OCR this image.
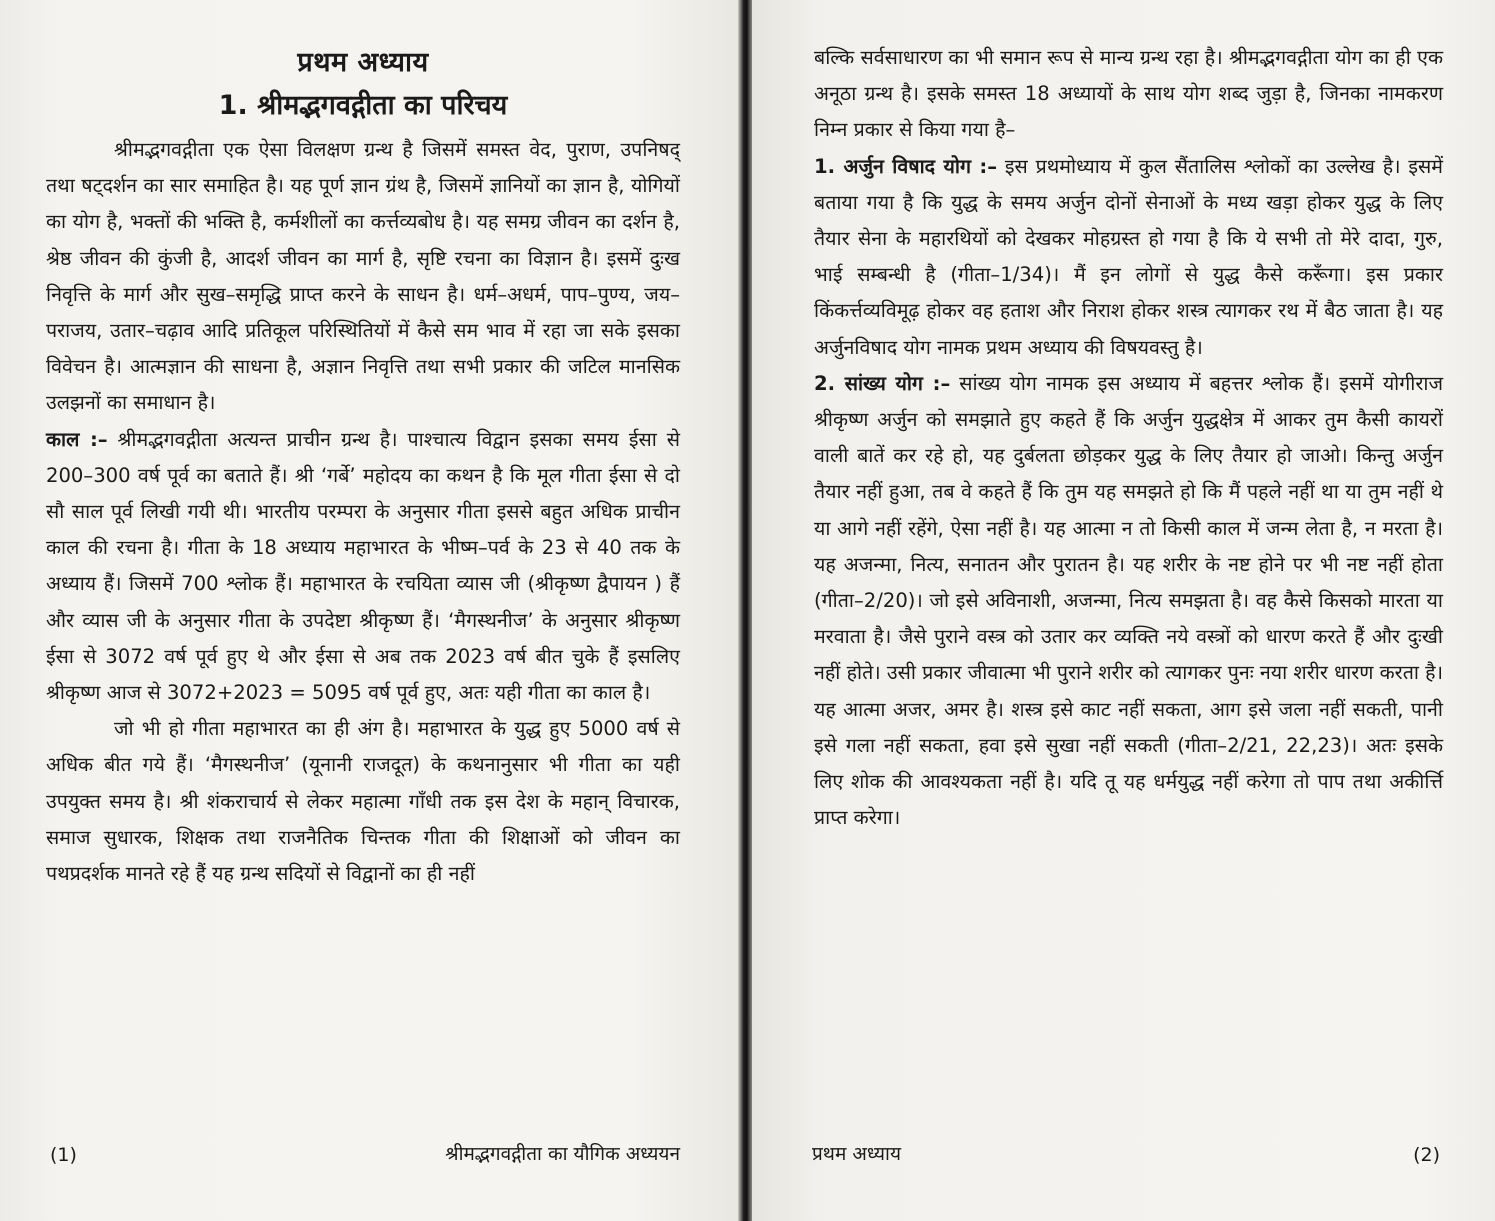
प्रथम अध्याय
1. श्रीमद्भगवद्गीता का परिचय

श्रीमद्भगवद्गीता एक ऐसा विलक्षण ग्रन्थ है जिसमें समस्त वेद, पुराण, उपनिषद् तथा षट्दर्शन का सार समाहित है। यह पूर्ण ज्ञान ग्रंथ है, जिसमें ज्ञानियों का ज्ञान है, योगियों का योग है, भक्तों की भक्ति है, कर्मशीलों का कर्त्तव्यबोध है। यह समग्र जीवन का दर्शन है, श्रेष्ठ जीवन की कुंजी है, आदर्श जीवन का मार्ग है, सृष्टि रचना का विज्ञान है। इसमें दुःख निवृत्ति के मार्ग और सुख–समृद्धि प्राप्त करने के साधन है। धर्म–अधर्म, पाप–पुण्य, जय–पराजय, उतार–चढ़ाव आदि प्रतिकूल परिस्थितियों में कैसे सम भाव में रहा जा सके इसका विवेचन है। आत्मज्ञान की साधना है, अज्ञान निवृत्ति तथा सभी प्रकार की जटिल मानसिक उलझनों का समाधान है।

काल :– श्रीमद्भगवद्गीता अत्यन्त प्राचीन ग्रन्थ है। पाश्चात्य विद्वान इसका समय ईसा से 200–300 वर्ष पूर्व का बताते हैं। श्री ‘गर्बे’ महोदय का कथन है कि मूल गीता ईसा से दो सौ साल पूर्व लिखी गयी थी। भारतीय परम्परा के अनुसार गीता इससे बहुत अधिक प्राचीन काल की रचना है। गीता के 18 अध्याय महाभारत के भीष्म–पर्व के 23 से 40 तक के अध्याय हैं। जिसमें 700 श्लोक हैं। महाभारत के रचयिता व्यास जी (श्रीकृष्ण द्वैपायन ) हैं और व्यास जी के अनुसार गीता के उपदेष्टा श्रीकृष्ण हैं। ‘मैगस्थनीज’ के अनुसार श्रीकृष्ण ईसा से 3072 वर्ष पूर्व हुए थे और ईसा से अब तक 2023 वर्ष बीत चुके हैं इसलिए श्रीकृष्ण आज से 3072+2023 = 5095 वर्ष पूर्व हुए, अतः यही गीता का काल है।

जो भी हो गीता महाभारत का ही अंग है। महाभारत के युद्ध हुए 5000 वर्ष से अधिक बीत गये हैं। ‘मैगस्थनीज’ (यूनानी राजदूत) के कथनानुसार भी गीता का यही उपयुक्त समय है। श्री शंकराचार्य से लेकर महात्मा गाँधी तक इस देश के महान् विचारक, समाज सुधारक, शिक्षक तथा राजनैतिक चिन्तक गीता की शिक्षाओं को जीवन का पथप्रदर्शक मानते रहे हैं यह ग्रन्थ सदियों से विद्वानों का ही नहीं

(1)	श्रीमद्भगवद्गीता का यौगिक अध्ययन

बल्कि सर्वसाधारण का भी समान रूप से मान्य ग्रन्थ रहा है। श्रीमद्भगवद्गीता योग का ही एक अनूठा ग्रन्थ है। इसके समस्त 18 अध्यायों के साथ योग शब्द जुड़ा है, जिनका नामकरण निम्न प्रकार से किया गया है–

1. अर्जुन विषाद योग :– इस प्रथमोध्याय में कुल सैंतालिस श्लोकों का उल्लेख है। इसमें बताया गया है कि युद्ध के समय अर्जुन दोनों सेनाओं के मध्य खड़ा होकर युद्ध के लिए तैयार सेना के महारथियों को देखकर मोहग्रस्त हो गया है कि ये सभी तो मेरे दादा, गुरु, भाई सम्बन्धी है (गीता–1/34)। मैं इन लोगों से युद्ध कैसे करूँगा। इस प्रकार किंकर्त्तव्यविमूढ़ होकर वह हताश और निराश होकर शस्त्र त्यागकर रथ में बैठ जाता है। यह अर्जुनविषाद योग नामक प्रथम अध्याय की विषयवस्तु है।

2. सांख्य योग :– सांख्य योग नामक इस अध्याय में बहत्तर श्लोक हैं। इसमें योगीराज श्रीकृष्ण अर्जुन को समझाते हुए कहते हैं कि अर्जुन युद्धक्षेत्र में आकर तुम कैसी कायरों वाली बातें कर रहे हो, यह दुर्बलता छोड़कर युद्ध के लिए तैयार हो जाओ। किन्तु अर्जुन तैयार नहीं हुआ, तब वे कहते हैं कि तुम यह समझते हो कि मैं पहले नहीं था या तुम नहीं थे या आगे नहीं रहेंगे, ऐसा नहीं है। यह आत्मा न तो किसी काल में जन्म लेता है, न मरता है। यह अजन्मा, नित्य, सनातन और पुरातन है। यह शरीर के नष्ट होने पर भी नष्ट नहीं होता (गीता–2/20)। जो इसे अविनाशी, अजन्मा, नित्य समझता है। वह कैसे किसको मारता या मरवाता है। जैसे पुराने वस्त्र को उतार कर व्यक्ति नये वस्त्रों को धारण करते हैं और दुःखी नहीं होते। उसी प्रकार जीवात्मा भी पुराने शरीर को त्यागकर पुनः नया शरीर धारण करता है। यह आत्मा अजर, अमर है। शस्त्र इसे काट नहीं सकता, आग इसे जला नहीं सकती, पानी इसे गला नहीं सकता, हवा इसे सुखा नहीं सकती (गीता–2/21, 22,23)। अतः इसके लिए शोक की आवश्यकता नहीं है। यदि तू यह धर्मयुद्ध नहीं करेगा तो पाप तथा अकीर्त्ति प्राप्त करेगा।

प्रथम अध्याय	(2)
